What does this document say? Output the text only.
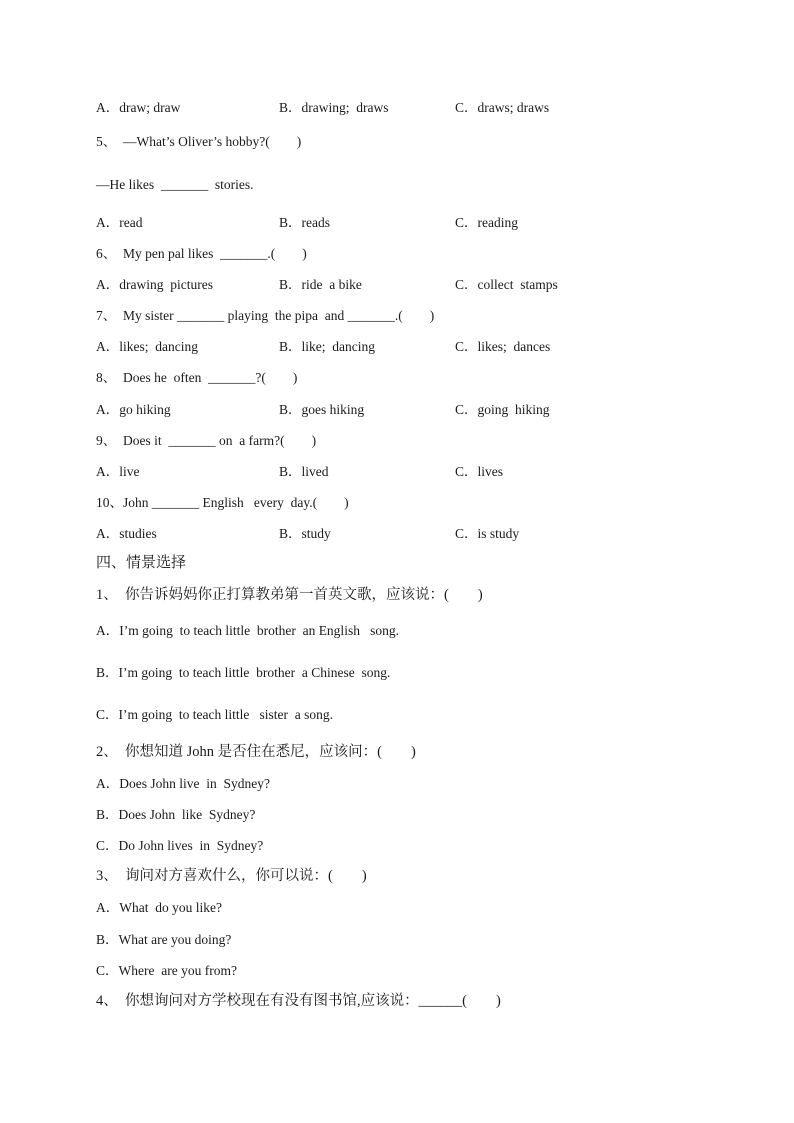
A．draw; draw	B．drawing;  draws	C．draws; draws
5、  —What’s Oliver’s hobby?(        )
—He likes  _______  stories.
A．read	B．reads	C．reading
6、  My pen pal likes  _______.(        )
A．drawing  pictures	B．ride  a bike	C．collect  stamps
7、  My sister _______ playing  the pipa  and _______.(        )
A．likes;  dancing	B．like;  dancing	C．likes;  dances
8、  Does he  often  _______?(        )
A．go hiking	B．goes hiking	C．going  hiking
9、  Does it  _______ on  a farm?(        )
A．live	B．lived	C．lives
10、John _______ English   every  day.(        )
A．studies	B．study	C．is study
四、情景选择
1、  你告诉妈妈你正打算教弟第一首英文歌，应该说：(        )
A．I’m going  to teach little  brother  an English   song.
B．I’m going  to teach little  brother  a Chinese  song.
C．I’m going  to teach little   sister  a song.
2、  你想知道 John 是否住在悉尼，应该问：(        )
A．Does John live  in  Sydney?
B．Does John  like  Sydney?
C．Do John lives  in  Sydney?
3、  询问对方喜欢什么，你可以说：(        )
A．What  do you like?
B．What are you doing?
C．Where  are you from?
4、  你想询问对方学校现在有没有图书馆,应该说：______(        )
